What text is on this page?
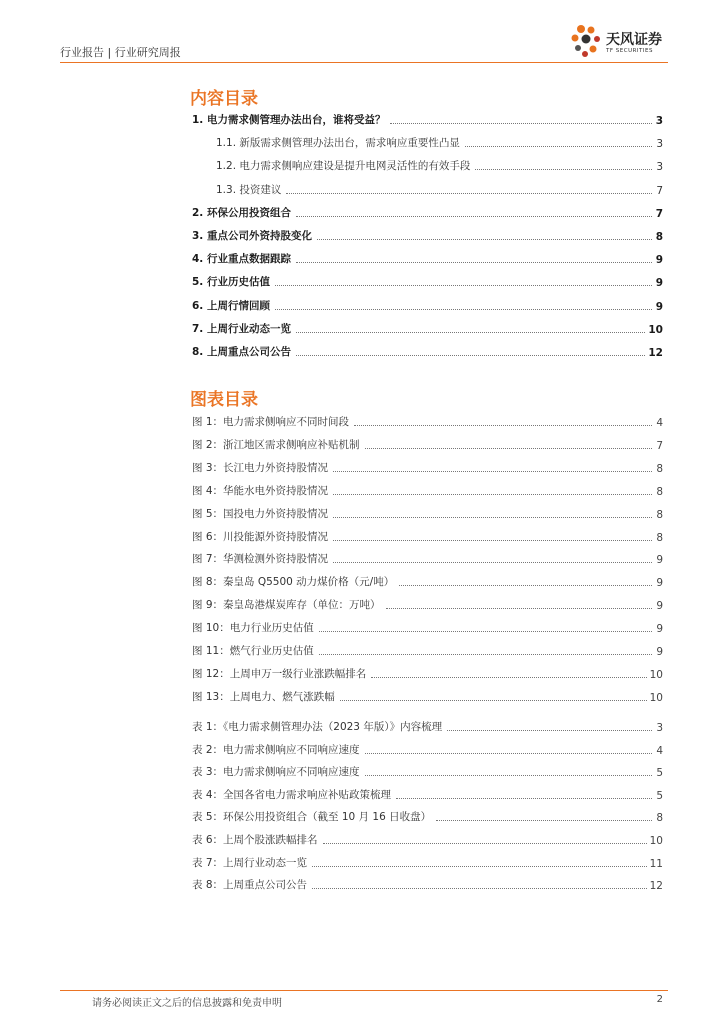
行业报告 | 行业研究周报
天风证券
TF SECURITIES
内容目录
1. 电力需求侧管理办法出台，谁将受益？	3
1.1. 新版需求侧管理办法出台，需求响应重要性凸显	3
1.2. 电力需求侧响应建设是提升电网灵活性的有效手段	3
1.3. 投资建议	7
2. 环保公用投资组合	7
3. 重点公司外资持股变化	8
4. 行业重点数据跟踪	9
5. 行业历史估值	9
6. 上周行情回顾	9
7. 上周行业动态一览	10
8. 上周重点公司公告	12
图表目录
图 1：电力需求侧响应不同时间段	4
图 2：浙江地区需求侧响应补贴机制	7
图 3：长江电力外资持股情况	8
图 4：华能水电外资持股情况	8
图 5：国投电力外资持股情况	8
图 6：川投能源外资持股情况	8
图 7：华测检测外资持股情况	9
图 8：秦皇岛 Q5500 动力煤价格（元/吨）	9
图 9：秦皇岛港煤炭库存（单位：万吨）	9
图 10：电力行业历史估值	9
图 11：燃气行业历史估值	9
图 12：上周申万一级行业涨跌幅排名	10
图 13：上周电力、燃气涨跌幅	10
表 1：《电力需求侧管理办法（2023 年版）》内容梳理	3
表 2：电力需求侧响应不同响应速度	4
表 3：电力需求侧响应不同响应速度	5
表 4：全国各省电力需求响应补贴政策梳理	5
表 5：环保公用投资组合（截至 10 月 16 日收盘）	8
表 6：上周个股涨跌幅排名	10
表 7：上周行业动态一览	11
表 8：上周重点公司公告	12
请务必阅读正文之后的信息披露和免责申明	2
